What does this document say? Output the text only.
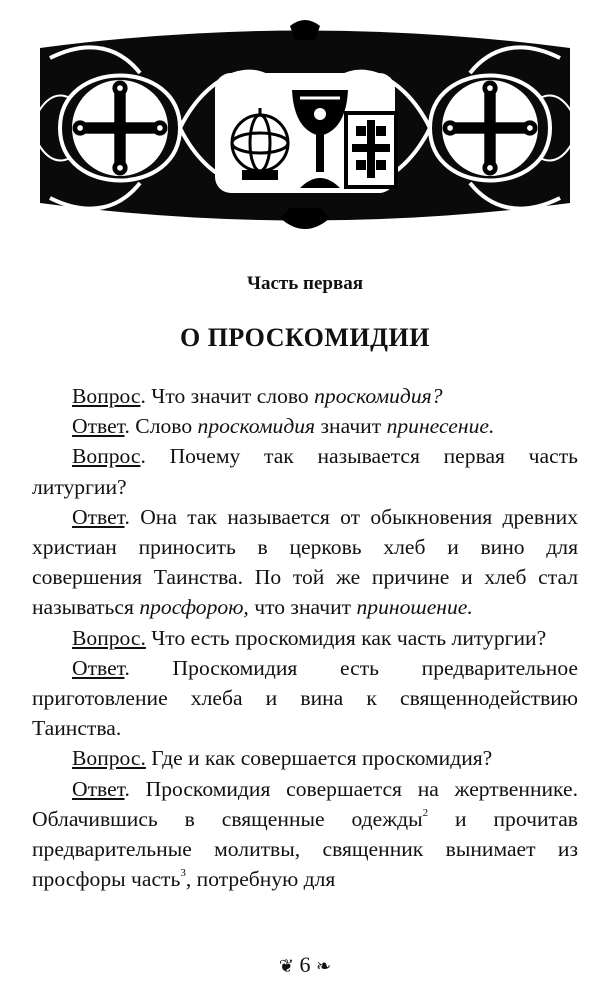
Часть первая
О ПРОСКОМИДИИ

Вопрос. Что значит слово проскомидия?

Ответ. Слово проскомидия значит принесение.

Вопрос. Почему так называется первая часть литургии?

Ответ. Она так называется от обыкновения древних христиан приносить в церковь хлеб и вино для совершения Таинства. По той же причине и хлеб стал называться просфорою, что значит приношение.

Вопрос. Что есть проскомидия как часть литургии?

Ответ. Проскомидия есть предварительное приготовление хлеба и вина к священнодействию Таинства.

Вопрос. Где и как совершается проскомидия?

Ответ. Проскомидия совершается на жертвеннике. Облачившись в священные одежды$^2$ и прочитав предварительные молитвы, священник вынимает из просфоры часть$^3$, потребную для

❦ 6 ❧
